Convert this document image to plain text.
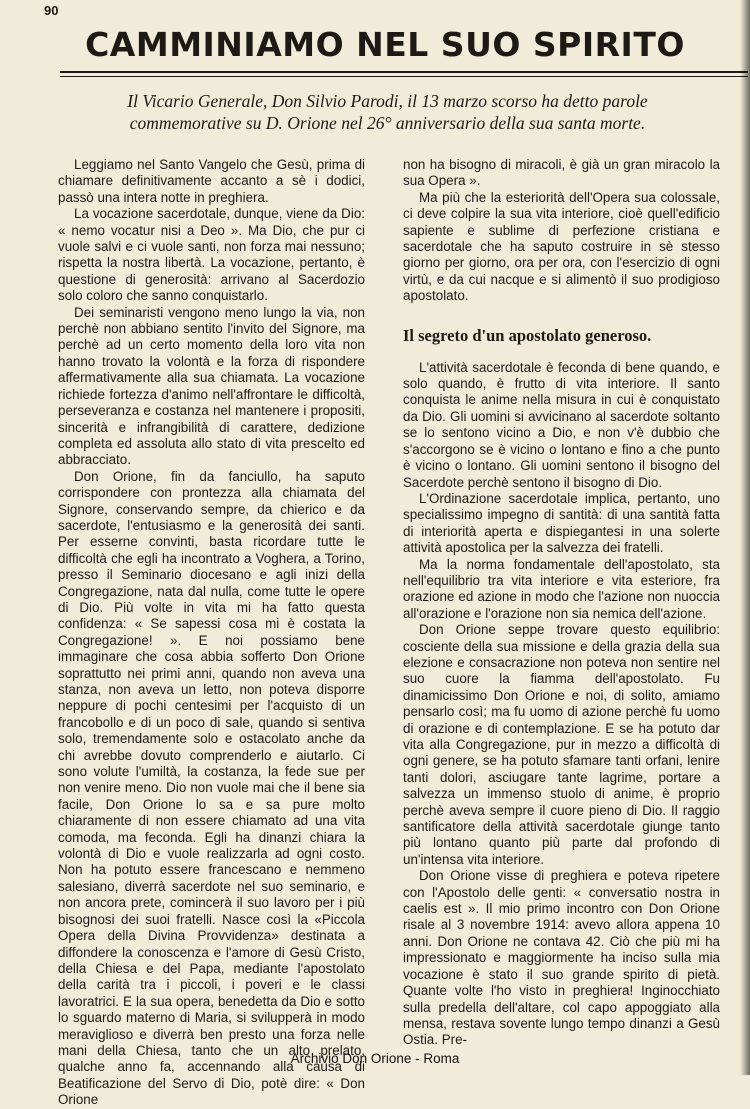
90
CAMMINIAMO NEL SUO SPIRITO
Il Vicario Generale, Don Silvio Parodi, il 13 marzo scorso ha detto parole commemorative su D. Orione nel 26° anniversario della sua santa morte.

Leggiamo nel Santo Vangelo che Gesù, prima di chiamare definitivamente accanto a sè i dodici, passò una intera notte in preghiera.

La vocazione sacerdotale, dunque, viene da Dio: « nemo vocatur nisi a Deo ». Ma Dio, che pur ci vuole salvi e ci vuole santi, non forza mai nessuno; rispetta la nostra libertà. La vocazione, pertanto, è questione di generosità: arrivano al Sacerdozio solo coloro che sanno conquistarlo.

Dei seminaristi vengono meno lungo la via, non perchè non abbiano sentito l'invito del Signore, ma perchè ad un certo momento della loro vita non hanno trovato la volontà e la forza di rispondere affermativamente alla sua chiamata. La vocazione richiede fortezza d'animo nell'affrontare le difficoltà, perseveranza e costanza nel mantenere i propositi, sincerità e infrangibilità di carattere, dedizione completa ed assoluta allo stato di vita prescelto ed abbracciato.

Don Orione, fin da fanciullo, ha saputo corrispondere con prontezza alla chiamata del Signore, conservando sempre, da chierico e da sacerdote, l'entusiasmo e la generosità dei santi. Per esserne convinti, basta ricordare tutte le difficoltà che egli ha incontrato a Voghera, a Torino, presso il Seminario diocesano e agli inizi della Congregazione, nata dal nulla, come tutte le opere di Dio. Più volte in vita mi ha fatto questa confidenza: « Se sapessi cosa mi è costata la Congregazione! ». E noi possiamo bene immaginare che cosa abbia sofferto Don Orione soprattutto nei primi anni, quando non aveva una stanza, non aveva un letto, non poteva disporre neppure di pochi centesimi per l'acquisto di un francobollo e di un poco di sale, quando si sentiva solo, tremendamente solo e ostacolato anche da chi avrebbe dovuto comprenderlo e aiutarlo. Ci sono volute l'umiltà, la costanza, la fede sue per non venire meno. Dio non vuole mai che il bene sia facile, Don Orione lo sa e sa pure molto chiaramente di non essere chiamato ad una vita comoda, ma feconda. Egli ha dinanzi chiara la volontà di Dio e vuole realizzarla ad ogni costo. Non ha potuto essere francescano e nemmeno salesiano, diverrà sacerdote nel suo seminario, e non ancora prete, comincerà il suo lavoro per i più bisognosi dei suoi fratelli. Nasce così la «Piccola Opera della Divina Provvidenza» destinata a diffondere la conoscenza e l'amore di Gesù Cristo, della Chiesa e del Papa, mediante l'apostolato della carità tra i piccoli, i poveri e le classi lavoratrici. E la sua opera, benedetta da Dio e sotto lo sguardo materno di Maria, si svilupperà in modo meraviglioso e diverrà ben presto una forza nelle mani della Chiesa, tanto che un alto prelato, qualche anno fa, accennando alla causa di Beatificazione del Servo di Dio, potè dire: « Don Orione

non ha bisogno di miracoli, è già un gran miracolo la sua Opera ».

Ma più che la esteriorità dell'Opera sua colossale, ci deve colpire la sua vita interiore, cioè quell'edificio sapiente e sublime di perfezione cristiana e sacerdotale che ha saputo costruire in sè stesso giorno per giorno, ora per ora, con l'esercizio di ogni virtù, e da cui nacque e si alimentò il suo prodigioso apostolato.

Il segreto d'un apostolato generoso.

L'attività sacerdotale è feconda di bene quando, e solo quando, è frutto di vita interiore. Il santo conquista le anime nella misura in cui è conquistato da Dio. Gli uomini si avvicinano al sacerdote soltanto se lo sentono vicino a Dio, e non v'è dubbio che s'accorgono se è vicino o lontano e fino a che punto è vicino o lontano. Gli uomini sentono il bisogno del Sacerdote perchè sentono il bisogno di Dio.

L'Ordinazione sacerdotale implica, pertanto, uno specialissimo impegno di santità: di una santità fatta di interiorità aperta e dispiegantesi in una solerte attività apostolica per la salvezza dei fratelli.

Ma la norma fondamentale dell'apostolato, sta nell'equilibrio tra vita interiore e vita esteriore, fra orazione ed azione in modo che l'azione non nuoccia all'orazione e l'orazione non sia nemica dell'azione.

Don Orione seppe trovare questo equilibrio: cosciente della sua missione e della grazia della sua elezione e consacrazione non poteva non sentire nel suo cuore la fiamma dell'apostolato. Fu dinamicissimo Don Orione e noi, di solito, amiamo pensarlo così; ma fu uomo di azione perchè fu uomo di orazione e di contemplazione. E se ha potuto dar vita alla Congregazione, pur in mezzo a difficoltà di ogni genere, se ha potuto sfamare tanti orfani, lenire tanti dolori, asciugare tante lagrime, portare a salvezza un immenso stuolo di anime, è proprio perchè aveva sempre il cuore pieno di Dio. Il raggio santificatore della attività sacerdotale giunge tanto più lontano quanto più parte dal profondo di un'intensa vita interiore.

Don Orione visse di preghiera e poteva ripetere con l'Apostolo delle genti: « conversatio nostra in caelis est ». Il mio primo incontro con Don Orione risale al 3 novembre 1914: avevo allora appena 10 anni. Don Orione ne contava 42. Ciò che più mi ha impressionato e maggiormente ha inciso sulla mia vocazione è stato il suo grande spirito di pietà. Quante volte l'ho visto in preghiera! Inginocchiato sulla predella dell'altare, col capo appoggiato alla mensa, restava sovente lungo tempo dinanzi a Gesù Ostia. Pre-

Archivio Don Orione - Roma
